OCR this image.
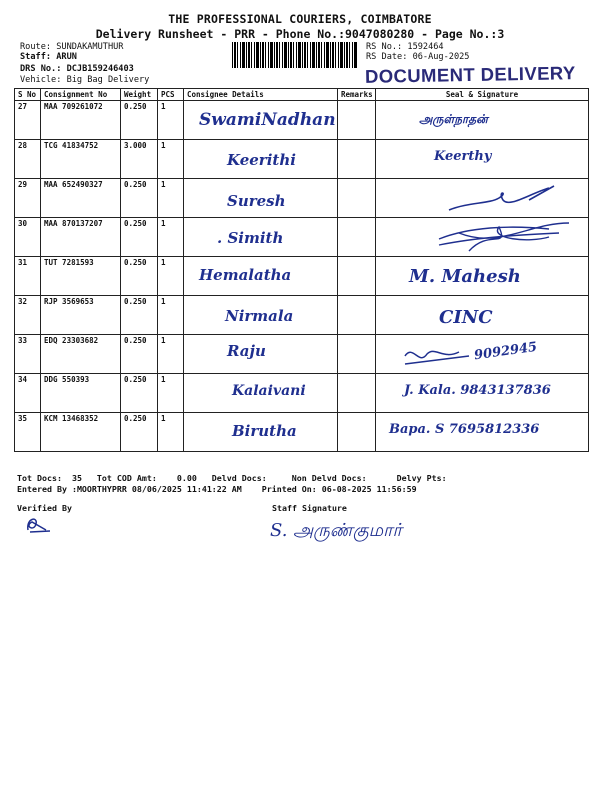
THE PROFESSIONAL COURIERS, COIMBATORE
Delivery Runsheet - PRR - Phone No.:9047080280 - Page No.:3
Route: SUNDAKAMUTHUR
Staff: ARUN
DRS No.: DCJB159246403
Vehicle: Big Bag Delivery
RS No.: 1592464
RS Date: 06-Aug-2025
DOCUMENT DELIVERY
S No	Consignment No	Weight	PCS	Consignee Details	Remarks	Seal & Signature
27	MAA 709261072	0.250	1	SwamiNadhan		அருள்நாதன்

28	TCG 41834752	3.000	1	Keerithi		Keerthy

29	MAA 652490327	0.250	1	Suresh

30	MAA 870137207	0.250	1	. Simith

31	TUT 7281593	0.250	1	Hemalatha		M. Mahesh

32	RJP 3569653	0.250	1	Nirmala		CINC

33	EDQ 23303682	0.250	1	Raju		9092945

34	DDG 550393	0.250	1	Kalaivani		J. Kala. 9843137836

35	KCM 13468352	0.250	1	Birutha		Bapa. S 7695812336
Tot Docs:  35   Tot COD Amt:    0.00   Delvd Docs:     Non Delvd Docs:      Delvy Pts:
Entered By :MOORTHYPRR 08/06/2025 11:41:22 AM    Printed On: 06-08-2025 11:56:59
Verified By	Staff Signature
S. அருண்குமார்
